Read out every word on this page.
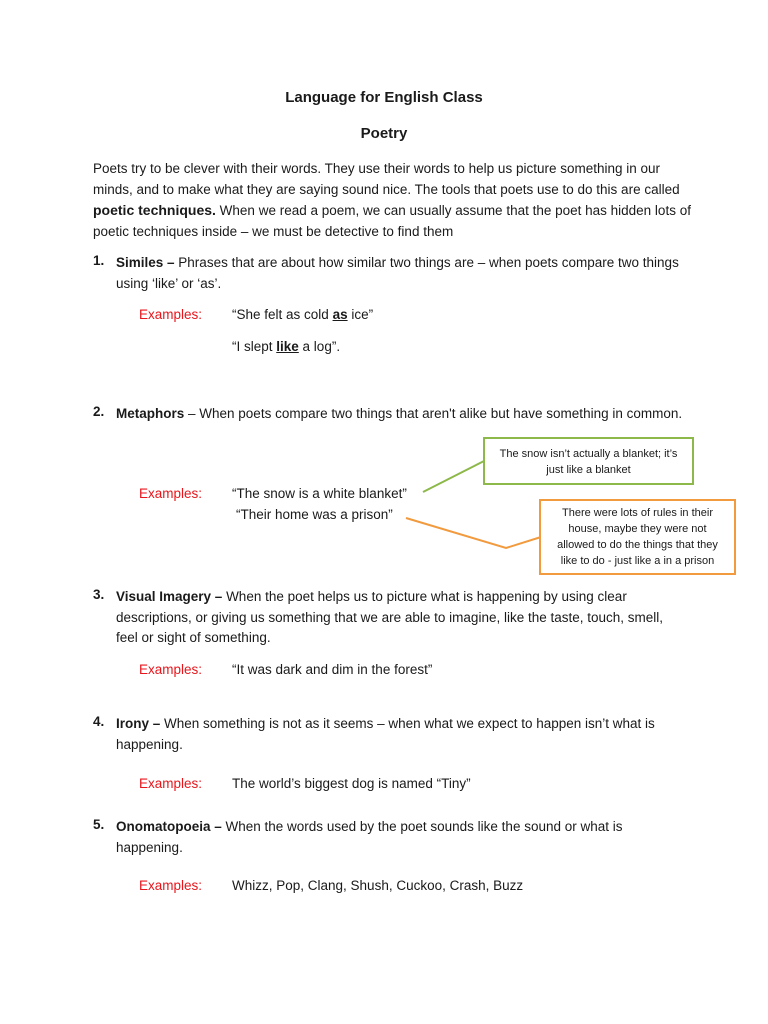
Language for English Class
Poetry
Poets try to be clever with their words. They use their words to help us picture something in our minds, and to make what they are saying sound nice. The tools that poets use to do this are called poetic techniques. When we read a poem, we can usually assume that the poet has hidden lots of poetic techniques inside – we must be detective to find them
1. Similes – Phrases that are about how similar two things are – when poets compare two things using ‘like’ or ‘as’.
Examples: “She felt as cold as ice”
“I slept like a log”.
2. Metaphors – When poets compare two things that aren't alike but have something in common.
Examples: “The snow is a white blanket”
“Their home was a prison”
The snow isn’t actually a blanket; it’s just like a blanket
There were lots of rules in their house, maybe they were not allowed to do the things that they like to do - just like a in a prison
3. Visual Imagery – When the poet helps us to picture what is happening by using clear descriptions, or giving us something that we are able to imagine, like the taste, touch, smell, feel or sight of something.
Examples: “It was dark and dim in the forest”
4. Irony – When something is not as it seems – when what we expect to happen isn’t what is happening.
Examples: The world’s biggest dog is named “Tiny”
5. Onomatopoeia – When the words used by the poet sounds like the sound or what is happening.
Examples: Whizz, Pop, Clang, Shush, Cuckoo, Crash, Buzz
